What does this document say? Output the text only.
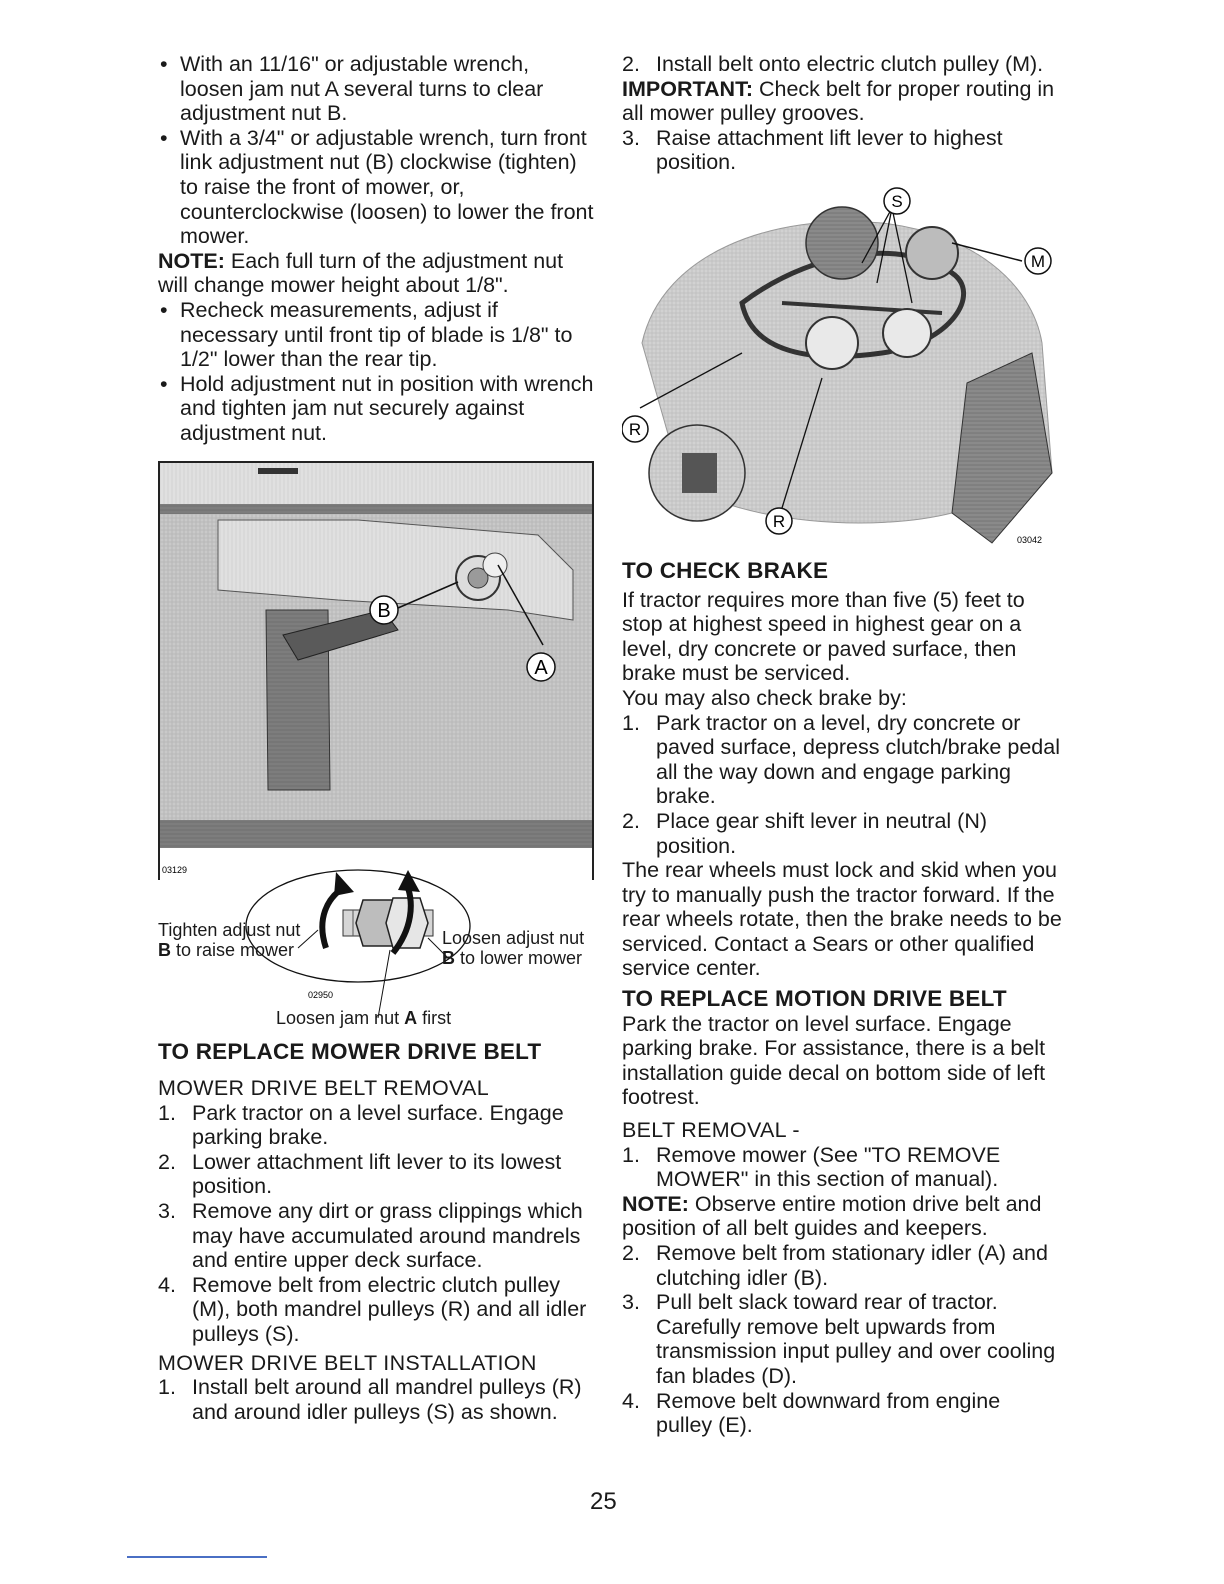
• With an 11/16" or adjustable wrench, loosen jam nut A several turns to clear adjustment nut B.

• With a 3/4" or adjustable wrench, turn front link adjustment nut (B) clockwise (tighten) to raise the front of mower, or, counterclockwise (loosen) to lower the front mower.

NOTE: Each full turn of the adjustment nut will change mower height about 1/8".

• Recheck measurements, adjust if necessary until front tip of blade is 1/8" to 1/2" lower than the rear tip.

• Hold adjustment nut in position with wrench and tighten jam nut securely against adjustment nut.

B
A
03129
02950
Tighten adjust nut
B to raise mower
Loosen adjust nut
B to lower mower
Loosen jam nut A first

TO REPLACE MOWER DRIVE BELT

MOWER DRIVE BELT REMOVAL

1. Park tractor on a level surface. Engage parking brake.
2. Lower attachment lift lever to its lowest position.
3. Remove any dirt or grass clippings which may have accumulated around mandrels and entire upper deck surface.
4. Remove belt from electric clutch pulley (M), both mandrel pulleys (R) and all idler pulleys (S).

MOWER DRIVE BELT INSTALLATION

1. Install belt around all mandrel pulleys (R) and around idler pulleys (S) as shown.
2. Install belt onto electric clutch pulley (M).

IMPORTANT: Check belt for proper routing in all mower pulley grooves.

3. Raise attachment lift lever to highest position.
S
M
R
R
03042

TO CHECK BRAKE

If tractor requires more than five (5) feet to stop at highest speed in highest gear on a level, dry concrete or paved surface, then brake must be serviced.

You may also check brake by:

1. Park tractor on a level, dry concrete or paved surface, depress clutch/brake pedal all the way down and engage parking brake.
2. Place gear shift lever in neutral (N) position.

The rear wheels must lock and skid when you try to manually push the tractor forward. If the rear wheels rotate, then the brake needs to be serviced. Contact a Sears or other qualified service center.

TO REPLACE MOTION DRIVE BELT

Park the tractor on level surface. Engage parking brake. For assistance, there is a belt installation guide decal on bottom side of left footrest.

BELT REMOVAL -

1. Remove mower (See "TO REMOVE MOWER" in this section of manual).

NOTE: Observe entire motion drive belt and position of all belt guides and keepers.

2. Remove belt from stationary idler (A) and clutching idler (B).
3. Pull belt slack toward rear of tractor. Carefully remove belt upwards from transmission input pulley and over cooling fan blades (D).
4. Remove belt downward from engine pulley (E).
25
